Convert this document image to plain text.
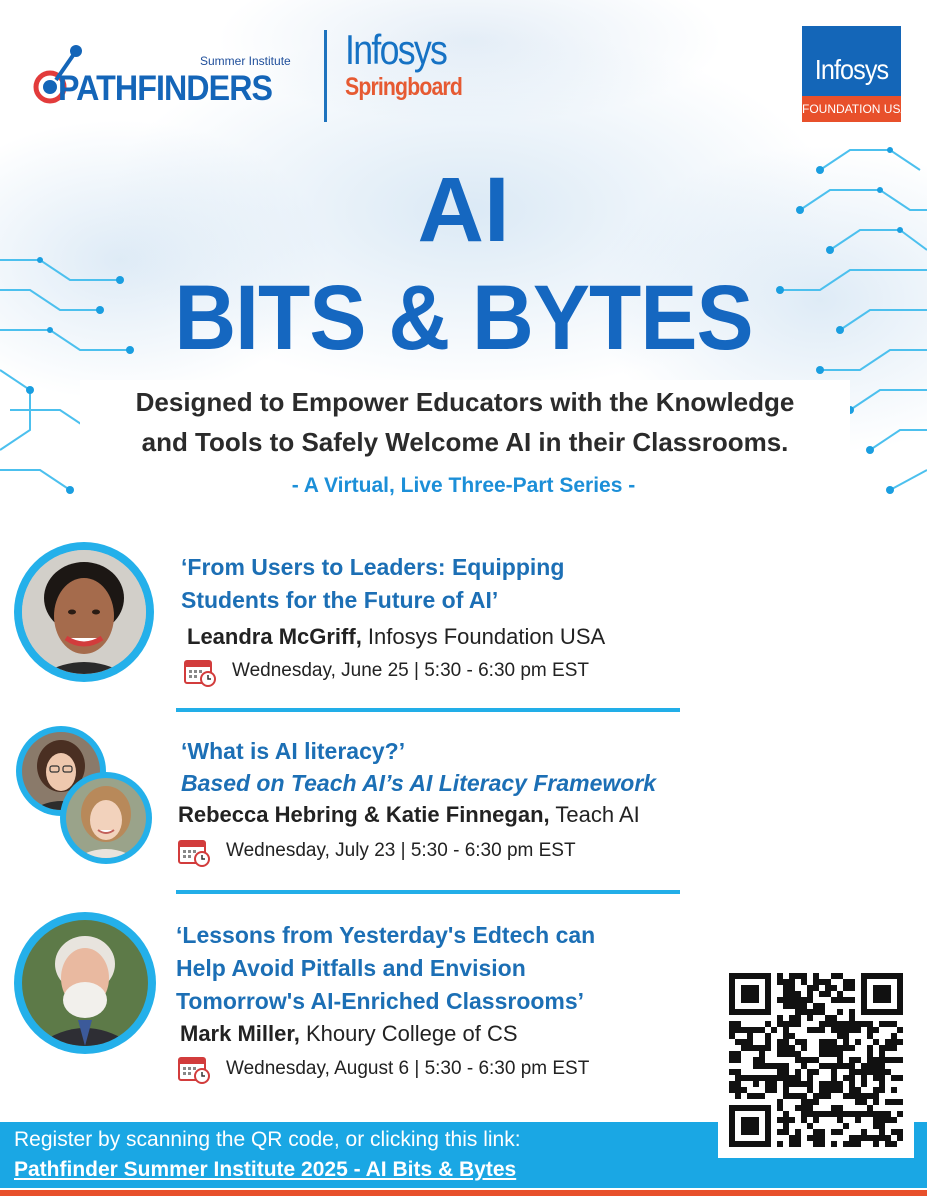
Summer Institute
PATHFINDERS
Infosys
Springboard
Infosys
FOUNDATION USA
AI
BITS & BYTES
Designed to Empower Educators with the Knowledge
and Tools to Safely Welcome AI in their Classrooms.
- A Virtual, Live Three-Part Series -
‘From Users to Leaders: Equipping
Students for the Future of AI’
Leandra McGriff, Infosys Foundation USA
Wednesday, June 25 | 5:30 - 6:30 pm EST
‘What is AI literacy?’
Based on Teach AI’s AI Literacy Framework
Rebecca Hebring & Katie Finnegan, Teach AI
Wednesday, July 23 | 5:30 - 6:30 pm EST
‘Lessons from Yesterday's Edtech can
Help Avoid Pitfalls and Envision
Tomorrow's AI-Enriched Classrooms’
Mark Miller, Khoury College of CS
Wednesday, August 6 | 5:30 - 6:30 pm EST
Register by scanning the QR code, or clicking this link:
Pathfinder Summer Institute 2025 - AI Bits & Bytes
